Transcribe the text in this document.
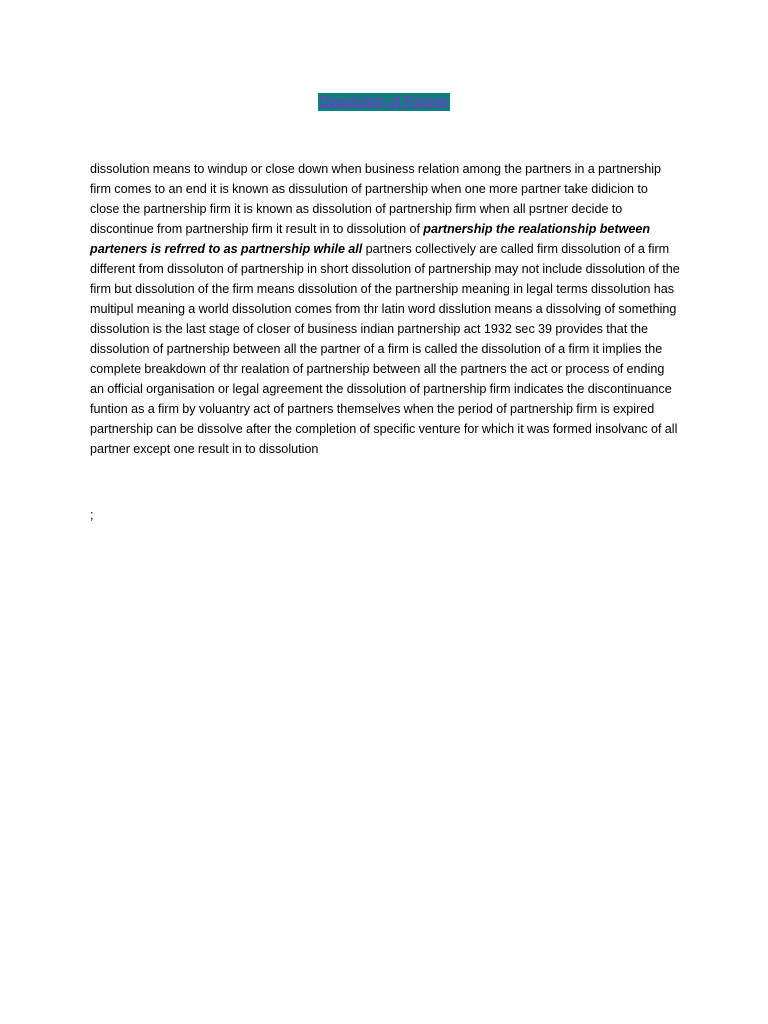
Dissolution of Partner
dissolution means to windup or close down when business relation among the partners in a partnership firm comes to an end it is known as dissulution of partnership when one more partner take didicion to close the partnership firm it is known as dissolution of partnership firm when all psrtner decide to discontinue from partnership firm it result in to dissolution of partnership the realationship between parteners is refrred to as partnership while all partners collectively are called firm dissolution of a firm different from dissoluton of partnership in short dissolution of partnership may not include dissolution of the firm but dissolution of the firm means dissolution of the partnership meaning in legal terms dissolution has multipul meaning a world dissolution comes from thr latin word disslution means a dissolving of something dissolution is the last stage of closer of business indian partnership act 1932 sec 39 provides that the dissolution of partnership between all the partner of a firm is called the dissolution of a firm it implies the complete breakdown of thr realation of partnership between all the partners the act or process of ending an official organisation or legal agreement the dissolution of partnership firm indicates the discontinuance funtion as a firm by voluantry act of partners themselves when the period of partnership firm is expired partnership can be dissolve after the completion of specific venture for which it was formed insolvanc of all partner except one result in to dissolution
;
